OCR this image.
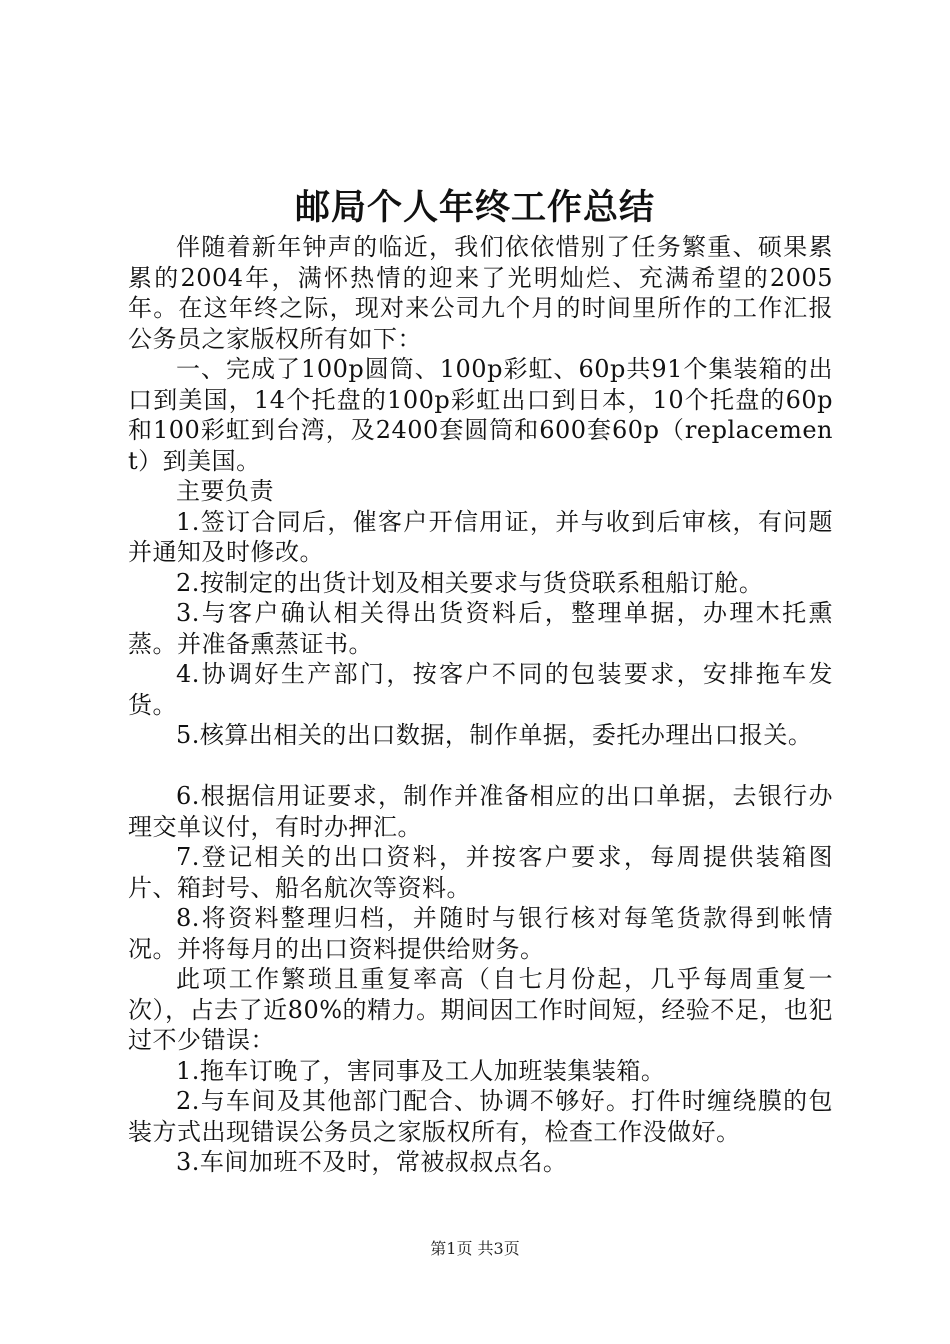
邮局个人年终工作总结

伴随着新年钟声的临近，我们依依惜别了任务繁重、硕果累累的2004年，满怀热情的迎来了光明灿烂、充满希望的2005年。在这年终之际，现对来公司九个月的时间里所作的工作汇报公务员之家版权所有如下：

一、完成了100p圆筒、100p彩虹、60p共91个集装箱的出口到美国，14个托盘的100p彩虹出口到日本，10个托盘的60p和100彩虹到台湾，及2400套圆筒和600套60p（replacement）到美国。

主要负责

1.签订合同后，催客户开信用证，并与收到后审核，有问题并通知及时修改。

2.按制定的出货计划及相关要求与货贷联系租船订舱。

3.与客户确认相关得出货资料后，整理单据，办理木托熏蒸。并准备熏蒸证书。

4.协调好生产部门，按客户不同的包装要求，安排拖车发货。

5.核算出相关的出口数据，制作单据，委托办理出口报关。

6.根据信用证要求，制作并准备相应的出口单据，去银行办理交单议付，有时办押汇。

7.登记相关的出口资料，并按客户要求，每周提供装箱图片、箱封号、船名航次等资料。

8.将资料整理归档，并随时与银行核对每笔货款得到帐情况。并将每月的出口资料提供给财务。

此项工作繁琐且重复率高（自七月份起，几乎每周重复一次），占去了近80%的精力。期间因工作时间短，经验不足，也犯过不少错误：

1.拖车订晚了，害同事及工人加班装集装箱。

2.与车间及其他部门配合、协调不够好。打件时缠绕膜的包装方式出现错误公务员之家版权所有，检查工作没做好。

3.车间加班不及时，常被叔叔点名。

第1页 共3页
